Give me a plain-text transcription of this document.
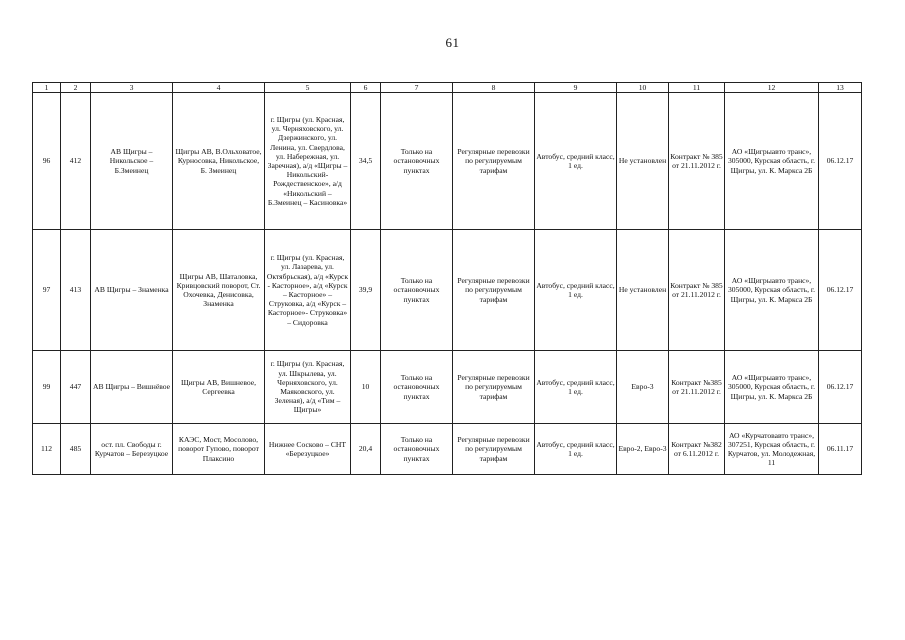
61
1	2	3	4	5	6	7	8	9	10	11	12	13
96	412	АВ Щигры – Никольское – Б.Змеинец	Щигры АВ, В.Ольховатое, Курносовка, Никольское, Б. Змеинец	г. Щигры (ул. Красная, ул. Черняховского, ул. Дзержинского, ул. Ленина, ул. Свердлова, ул. Набережная, ул. Заречная), а/д «Щигры – Никольский-Рождественское», а/д «Никольский – Б.Змеинец – Касиновка»	34,5	Только на остановочных пунктах	Регулярные перевозки по регулируемым тарифам	Автобус, средний класс, 1 ед.	Не установлен	Контракт № 385 от 21.11.2012 г.	АО «Щигрыавто транс», 305000, Курская область, г. Щигры, ул. К. Маркса 2Б	06.12.17
97	413	АВ Щигры – Знаменка	Щигры АВ, Шаталовка, Кривцовский поворот, Ст. Охочевка, Денисовка, Знаменка	г. Щигры (ул. Красная, ул. Лазарева, ул. Октябрьская), а/д «Курск - Касторное», а/д «Курск – Касторное» – Струковка, а/д «Курск – Касторное»- Струковка» – Сидоровка	39,9	Только на остановочных пунктах	Регулярные перевозки по регулируемым тарифам	Автобус, средний класс, 1 ед.	Не установлен	Контракт № 385 от 21.11.2012 г.	АО «Щигрыавто транс», 305000, Курская область, г. Щигры, ул. К. Маркса 2Б	06.12.17
99	447	АВ Щигры – Вишнёвое	Щигры АВ, Вишневое, Сергеевка	г. Щигры (ул. Красная, ул. Шкрылева, ул. Черняховского, ул. Маяковского, ул. Зеленая), а/д «Тим – Щигры»	10	Только на остановочных пунктах	Регулярные перевозки по регулируемым тарифам	Автобус, средний класс, 1 ед.	Евро-3	Контракт №385 от 21.11.2012 г.	АО «Щигрыавто транс», 305000, Курская область, г. Щигры, ул. К. Маркса 2Б	06.12.17
112	485	ост. пл. Свободы г. Курчатов – Березуцкое	КАЭС, Мост, Мосолово, поворот Гупово, поворот Плаксино	Нижнее Сосково – СНТ «Березуцкое»	20,4	Только на остановочных пунктах	Регулярные перевозки по регулируемым тарифам	Автобус, средний класс, 1 ед.	Евро-2, Евро-3	Контракт №382 от 6.11.2012 г.	АО «Курчатовавто транс», 307251, Курская область, г. Курчатов, ул. Молодежная, 11	06.11.17
